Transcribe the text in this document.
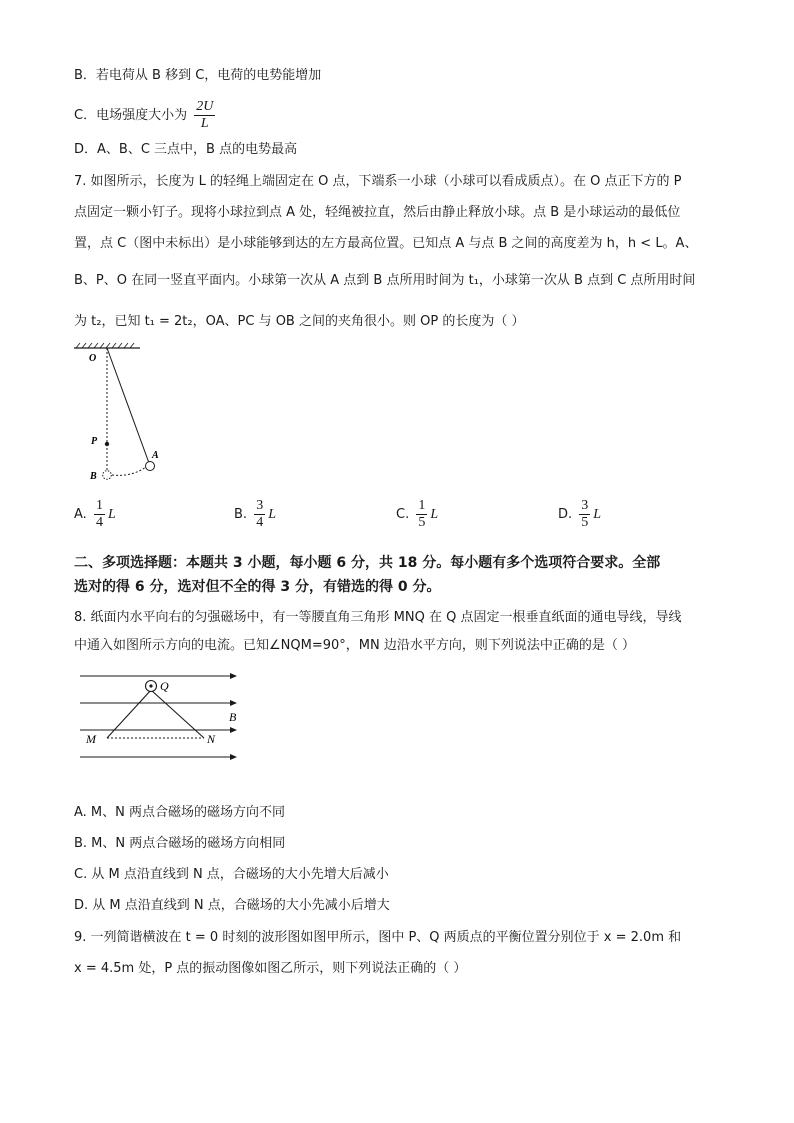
B．若电荷从 B 移到 C，电荷的电势能增加
C．电场强度大小为 $\frac{2U}{L}$
D．A、B、C 三点中，B 点的电势最高
7. 如图所示，长度为 L 的轻绳上端固定在 O 点，下端系一小球（小球可以看成质点）。在 O 点正下方的 P
点固定一颗小钉子。现将小球拉到点 A 处，轻绳被拉直，然后由静止释放小球。点 B 是小球运动的最低位
置，点 C（图中未标出）是小球能够到达的左方最高位置。已知点 A 与点 B 之间的高度差为 h，h < L。A、
B、P、O 在同一竖直平面内。小球第一次从 A 点到 B 点所用时间为 t₁，小球第一次从 B 点到 C 点所用时间
为 t₂，已知 t₁ = 2t₂，OA、PC 与 OB 之间的夹角很小。则 OP 的长度为（ ）
O
P
B
A
A. $\frac{1}{4}$ L	B. $\frac{3}{4}$ L	C. $\frac{1}{5}$ L	D. $\frac{3}{5}$ L
二、多项选择题：本题共 3 小题，每小题 6 分，共 18 分。每小题有多个选项符合要求。全部
选对的得 6 分，选对但不全的得 3 分，有错选的得 0 分。
8. 纸面内水平向右的匀强磁场中，有一等腰直角三角形 MNQ 在 Q 点固定一根垂直纸面的通电导线，导线
中通入如图所示方向的电流。已知∠NQM=90°，MN 边沿水平方向，则下列说法中正确的是（ ）
Q
B
M	N
A. M、N 两点合磁场的磁场方向不同
B. M、N 两点合磁场的磁场方向相同
C. 从 M 点沿直线到 N 点，合磁场的大小先增大后减小
D. 从 M 点沿直线到 N 点，合磁场的大小先减小后增大
9. 一列简谐横波在 t = 0 时刻的波形图如图甲所示，图中 P、Q 两质点的平衡位置分别位于 x = 2.0m 和
x = 4.5m 处，P 点的振动图像如图乙所示，则下列说法正确的（ ）
